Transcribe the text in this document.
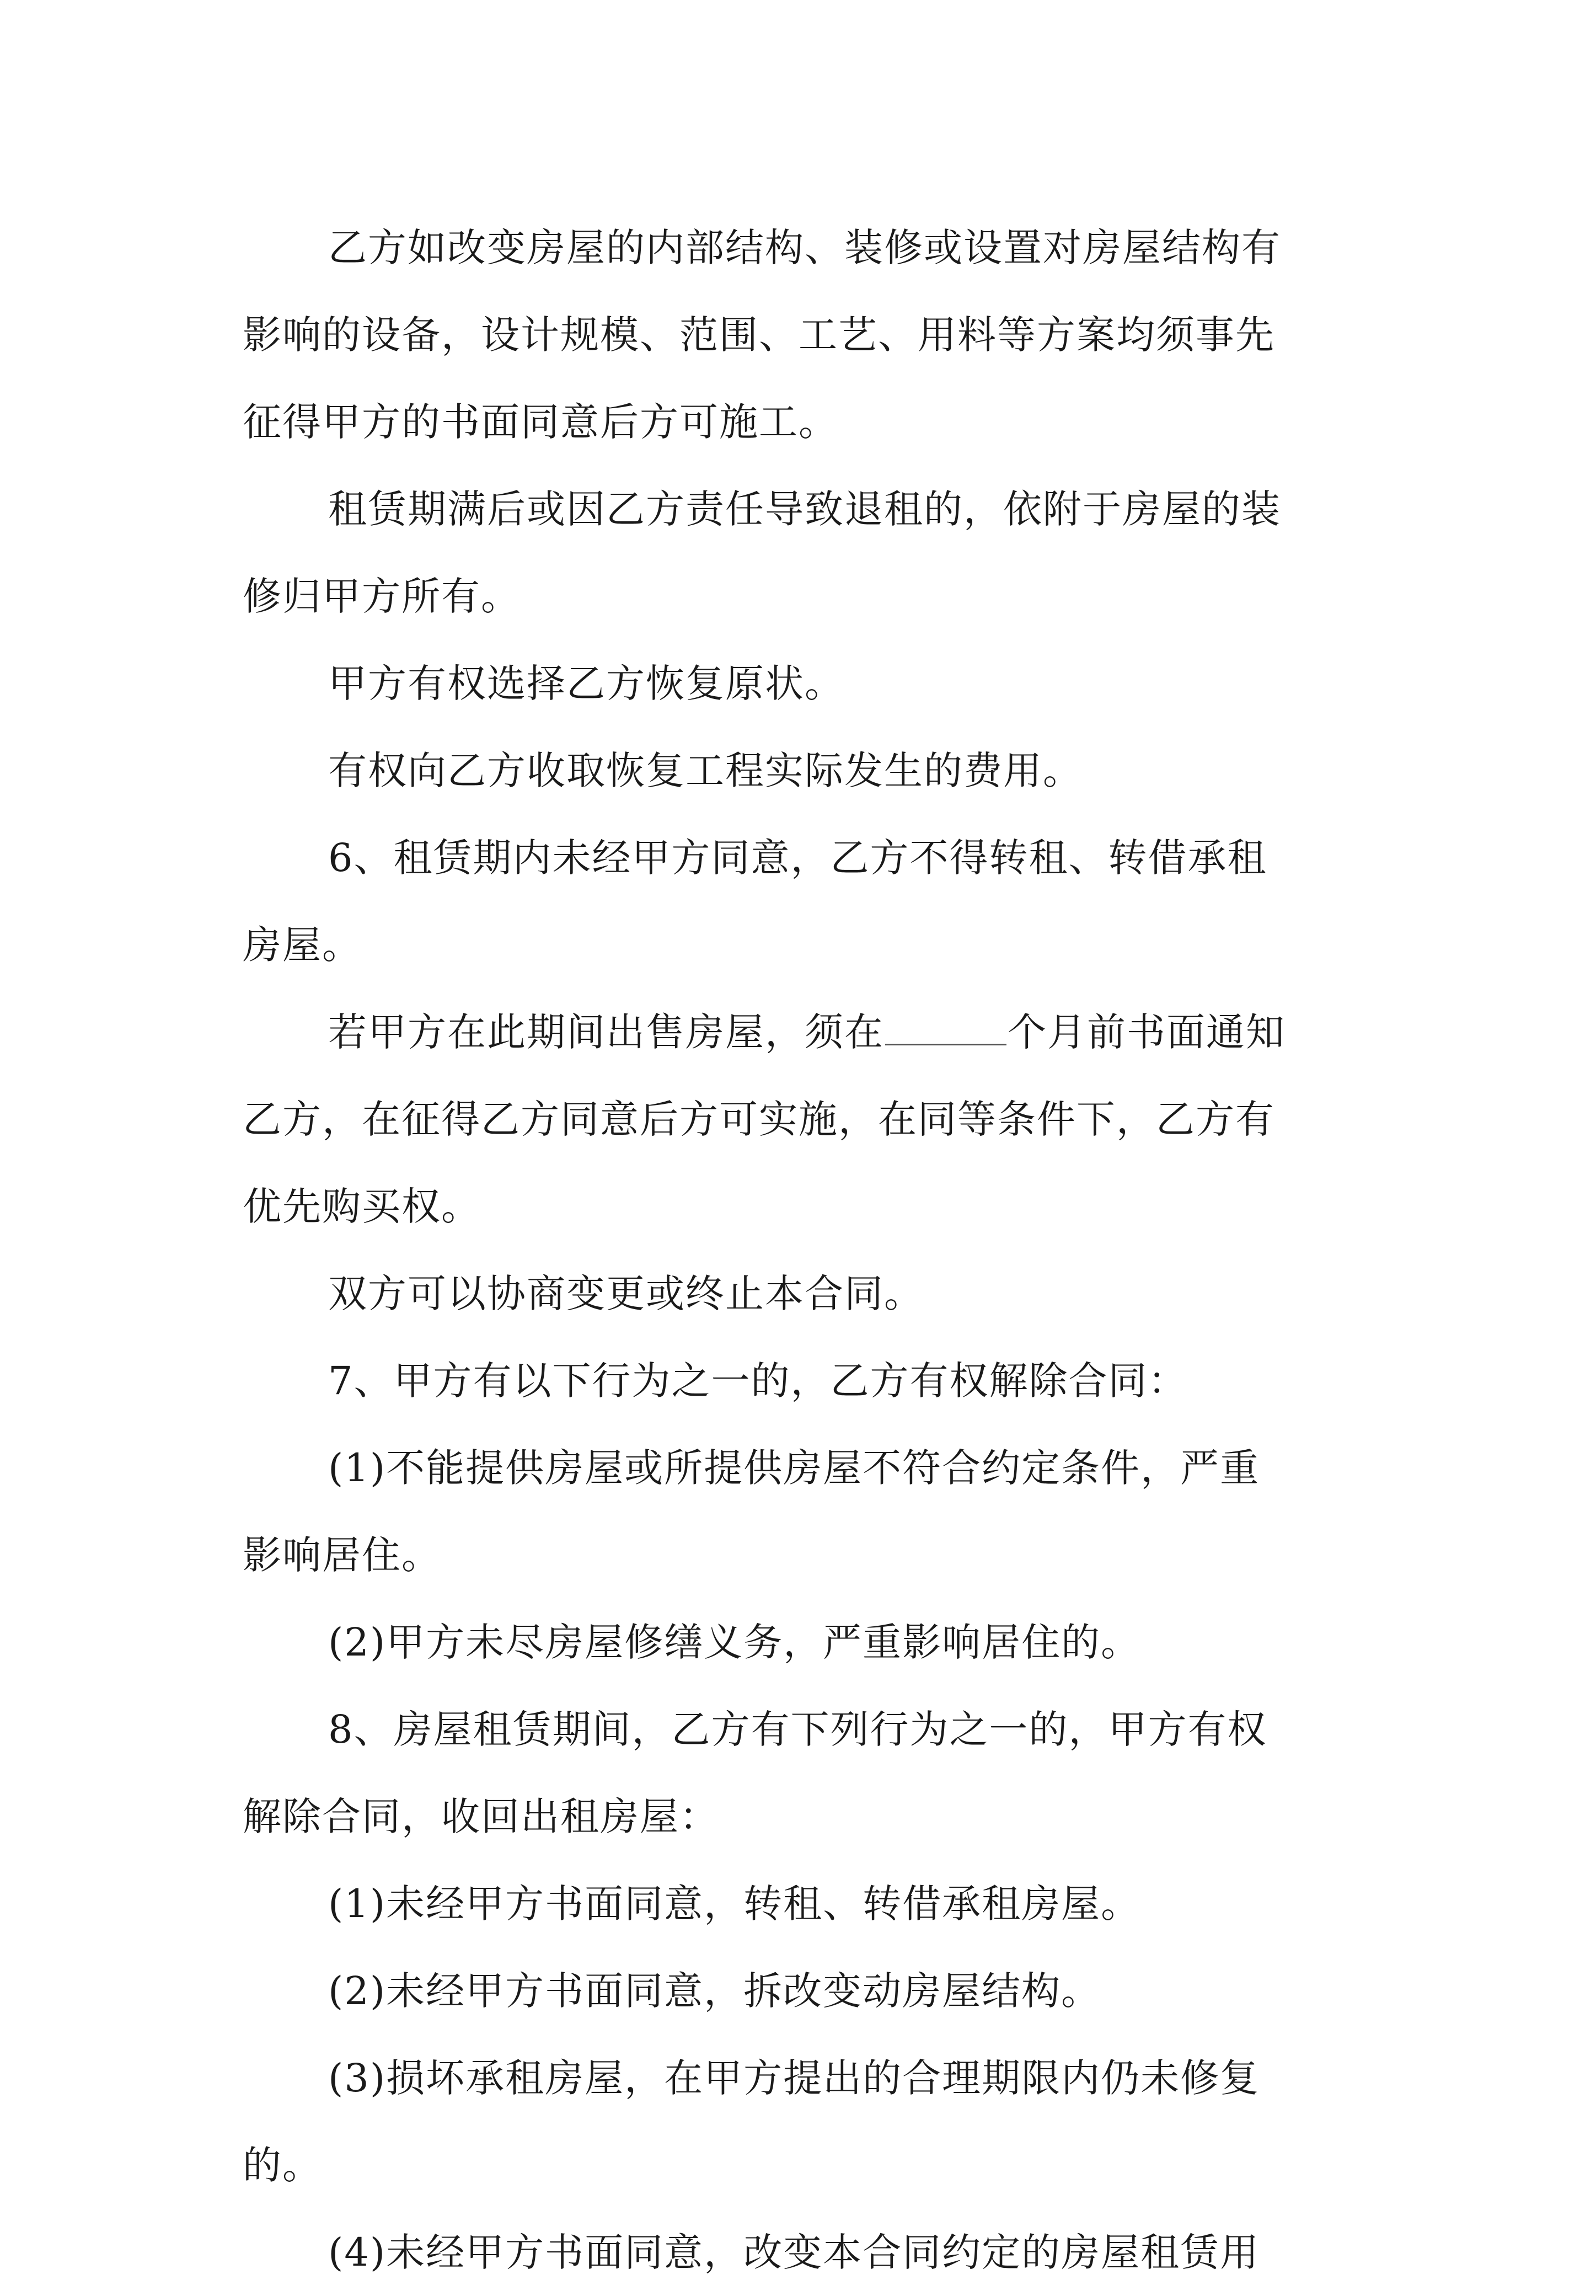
乙方如改变房屋的内部结构、装修或设置对房屋结构有
影响的设备，设计规模、范围、工艺、用料等方案均须事先
征得甲方的书面同意后方可施工。
租赁期满后或因乙方责任导致退租的，依附于房屋的装
修归甲方所有。
甲方有权选择乙方恢复原状。
有权向乙方收取恢复工程实际发生的费用。
6、租赁期内未经甲方同意，乙方不得转租、转借承租
房屋。
若甲方在此期间出售房屋，须在	个月前书面通知
乙方，在征得乙方同意后方可实施，在同等条件下，乙方有
优先购买权。
双方可以协商变更或终止本合同。
7、甲方有以下行为之一的，乙方有权解除合同：
(1)不能提供房屋或所提供房屋不符合约定条件，严重
影响居住。
(2)甲方未尽房屋修缮义务，严重影响居住的。
8、房屋租赁期间，乙方有下列行为之一的，甲方有权
解除合同，收回出租房屋：
(1)未经甲方书面同意，转租、转借承租房屋。
(2)未经甲方书面同意，拆改变动房屋结构。
(3)损坏承租房屋，在甲方提出的合理期限内仍未修复
的。
(4)未经甲方书面同意，改变本合同约定的房屋租赁用
